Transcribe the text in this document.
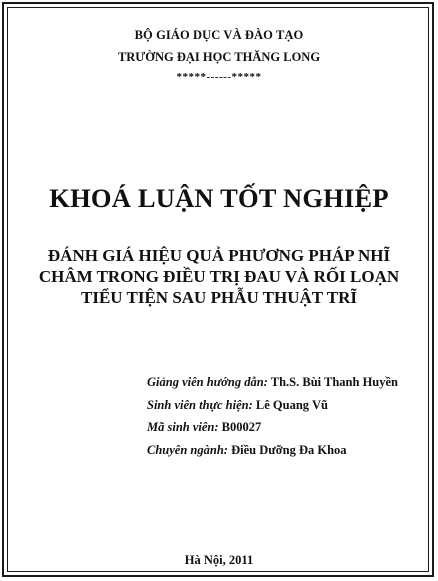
BỘ GIÁO DỤC VÀ ĐÀO TẠO
TRƯỜNG ĐẠI HỌC THĂNG LONG
*****------*****
KHOÁ LUẬN TỐT NGHIỆP
ĐÁNH GIÁ HIỆU QUẢ PHƯƠNG PHÁP NHĨ
CHÂM TRONG ĐIỀU TRỊ ĐAU VÀ RỐI LOẠN
TIỂU TIỆN SAU PHẪU THUẬT TRĨ
Giảng viên hướng dẫn: Th.S. Bùi Thanh Huyền
Sinh viên thực hiện: Lê Quang Vũ
Mã sinh viên: B00027
Chuyên ngành: Điều Dưỡng Đa Khoa
Hà Nội, 2011
